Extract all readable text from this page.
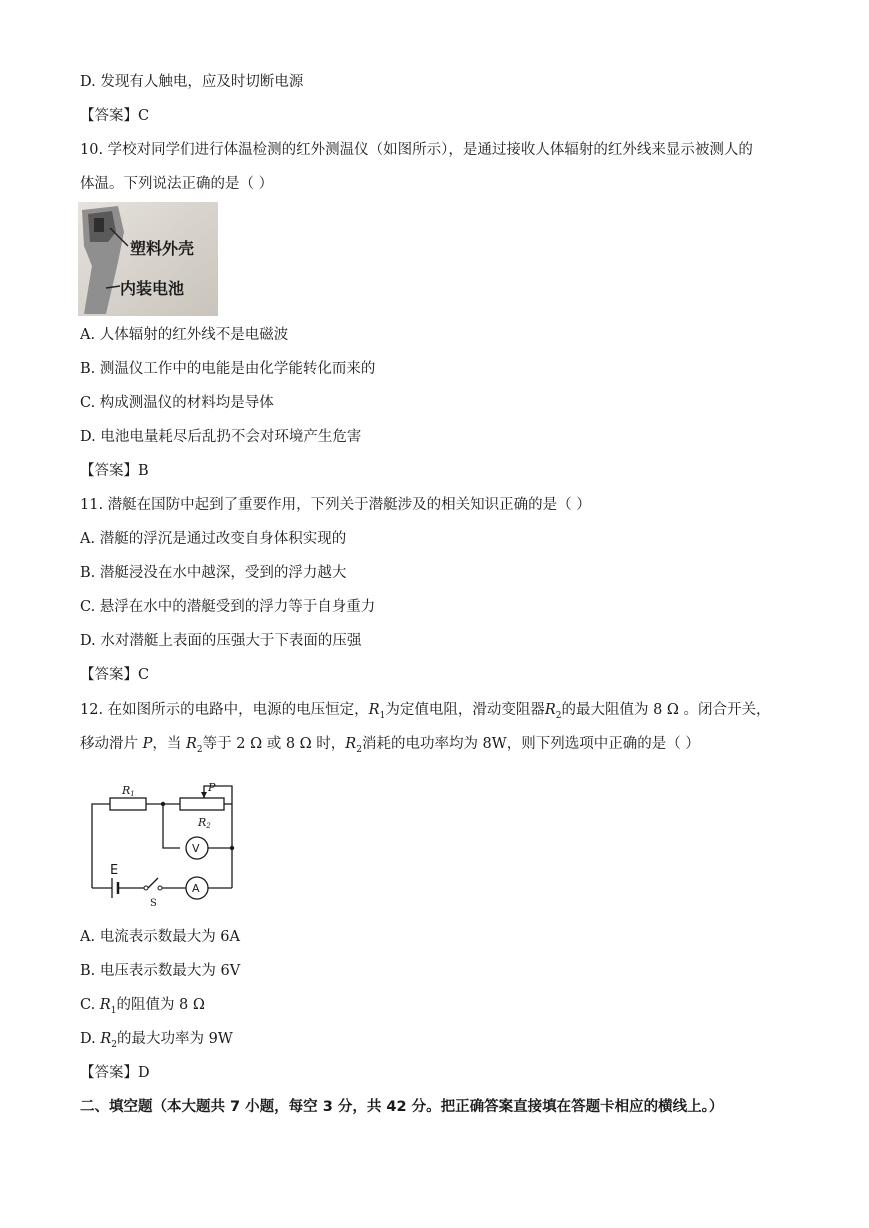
D. 发现有人触电，应及时切断电源
【答案】C
10. 学校对同学们进行体温检测的红外测温仪（如图所示），是通过接收人体辐射的红外线来显示被测人的
体温。下列说法正确的是（ ）
塑料外壳
内装电池
A. 人体辐射的红外线不是电磁波
B. 测温仪工作中的电能是由化学能转化而来的
C. 构成测温仪的材料均是导体
D. 电池电量耗尽后乱扔不会对环境产生危害
【答案】B
11. 潜艇在国防中起到了重要作用，下列关于潜艇涉及的相关知识正确的是（ ）
A. 潜艇的浮沉是通过改变自身体积实现的
B. 潜艇浸没在水中越深，受到的浮力越大
C. 悬浮在水中的潜艇受到的浮力等于自身重力
D. 水对潜艇上表面的压强大于下表面的压强
【答案】C
12. 在如图所示的电路中，电源的电压恒定，$R_1$为定值电阻，滑动变阻器$R_2$的最大阻值为 8 Ω 。闭合开关，
移动滑片 P，当 $R_2$等于 2 Ω 或 8 Ω 时，$R_2$消耗的电功率均为 8W，则下列选项中正确的是（ ）
R1	P
R2
V
A
E
S
A. 电流表示数最大为 6A
B. 电压表示数最大为 6V
C. $R_1$的阻值为 8 Ω
D. $R_2$的最大功率为 9W
【答案】D
二、填空题（本大题共 7 小题，每空 3 分，共 42 分。把正确答案直接填在答题卡相应的横线上。）
